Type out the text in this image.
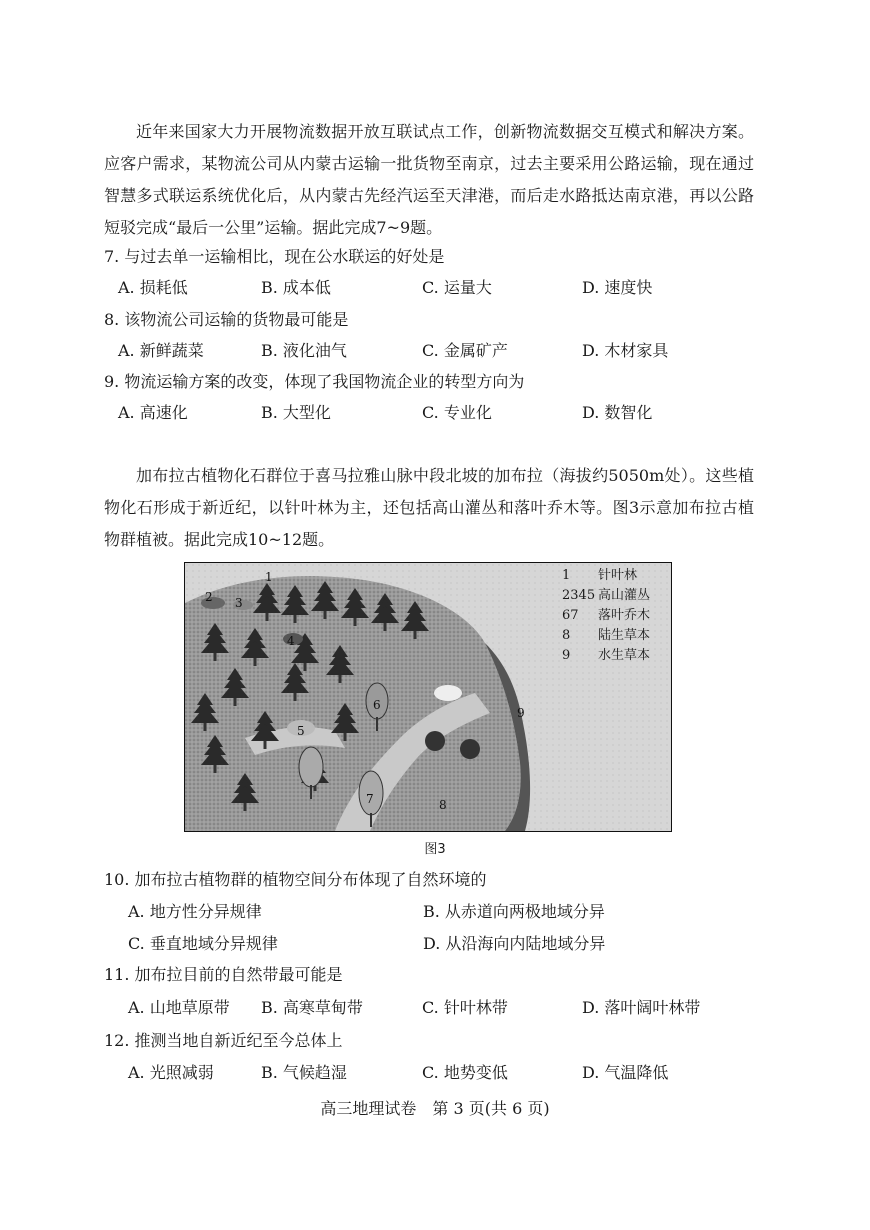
近年来国家大力开展物流数据开放互联试点工作，创新物流数据交互模式和解决方案。应客户需求，某物流公司从内蒙古运输一批货物至南京，过去主要采用公路运输，现在通过智慧多式联运系统优化后，从内蒙古先经汽运至天津港，而后走水路抵达南京港，再以公路短驳完成“最后一公里”运输。据此完成7~9题。

7. 与过去单一运输相比，现在公水联运的好处是

A. 损耗低	B. 成本低	C. 运量大	D. 速度快

8. 该物流公司运输的货物最可能是

A. 新鲜蔬菜	B. 液化油气	C. 金属矿产	D. 木材家具

9. 物流运输方案的改变，体现了我国物流企业的转型方向为

A. 高速化	B. 大型化	C. 专业化	D. 数智化

加布拉古植物化石群位于喜马拉雅山脉中段北坡的加布拉（海拔约5050m处）。这些植物化石形成于新近纪，以针叶林为主，还包括高山灌丛和落叶乔木等。图3示意加布拉古植物群植被。据此完成10~12题。

1
2 3
4
5
6
7	8
9
1 针叶林
2345 高山灌丛
67 落叶乔木
8 陆生草本
9 水生草本
图3

10. 加布拉古植物群的植物空间分布体现了自然环境的

A. 地方性分异规律	B. 从赤道向两极地域分异
C. 垂直地域分异规律	D. 从沿海向内陆地域分异

11. 加布拉目前的自然带最可能是

A. 山地草原带 B. 高寒草甸带	C. 针叶林带	D. 落叶阔叶林带

12. 推测当地自新近纪至今总体上

A. 光照减弱	B. 气候趋湿	C. 地势变低	D. 气温降低
高三地理试卷　第 3 页(共 6 页)
